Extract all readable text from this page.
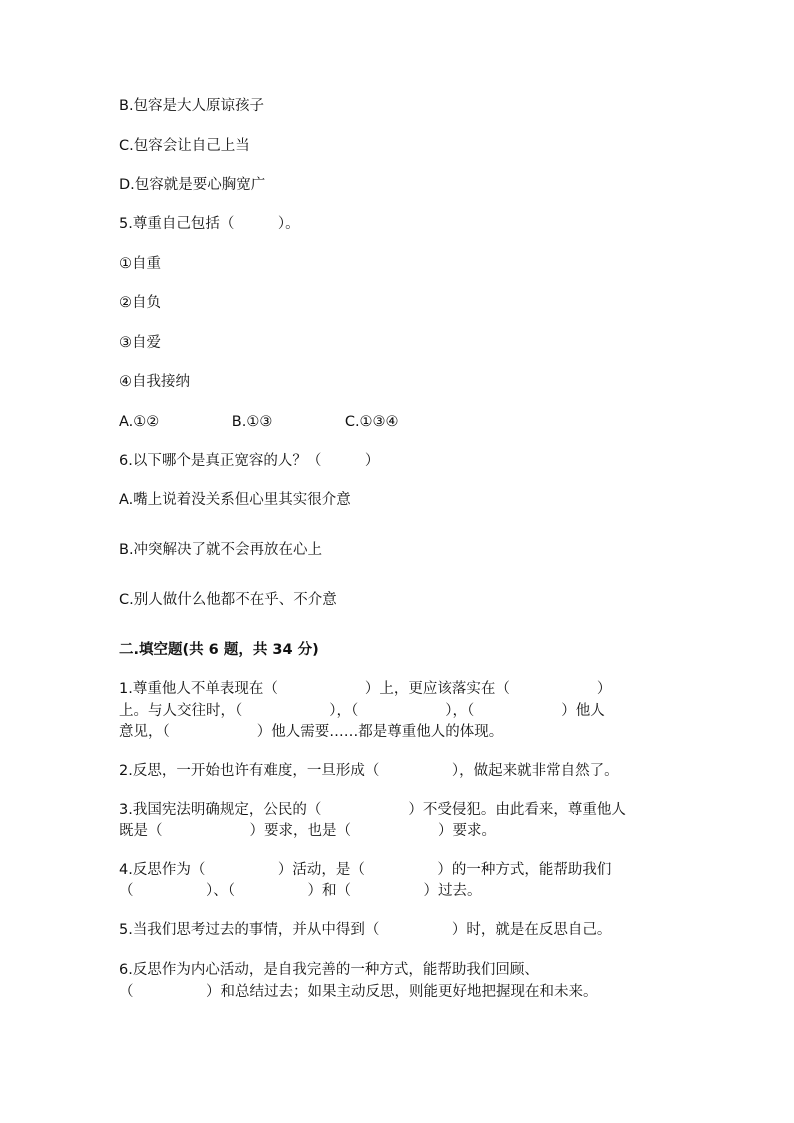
B.包容是大人原谅孩子
C.包容会让自己上当
D.包容就是要心胸宽广
5.尊重自己包括（　　　）。
①自重
②自负
③自爱
④自我接纳
A.①②　　　　　B.①③　　　　　C.①③④
6.以下哪个是真正宽容的人？（　　　）
A.嘴上说着没关系但心里其实很介意
B.冲突解决了就不会再放在心上
C.别人做什么他都不在乎、不介意
二.填空题(共 6 题，共 34 分)
1.尊重他人不单表现在（　　　　　　）上，更应该落实在（　　　　　　）
上。与人交往时，（　　　　　　），（　　　　　　），（　　　　　　）他人
意见，（　　　　　　）他人需要……都是尊重他人的体现。
2.反思，一开始也许有难度，一旦形成（　　　　　），做起来就非常自然了。
3.我国宪法明确规定，公民的（　　　　　　）不受侵犯。由此看来，尊重他人
既是（　　　　　　）要求，也是（　　　　　　）要求。
4.反思作为（　　　　　）活动，是（　　　　　）的一种方式，能帮助我们
（　　　　　）、（　　　　　）和（　　　　　）过去。
5.当我们思考过去的事情，并从中得到（　　　　　）时，就是在反思自己。
6.反思作为内心活动，是自我完善的一种方式，能帮助我们回顾、
（　　　　　）和总结过去；如果主动反思，则能更好地把握现在和未来。
